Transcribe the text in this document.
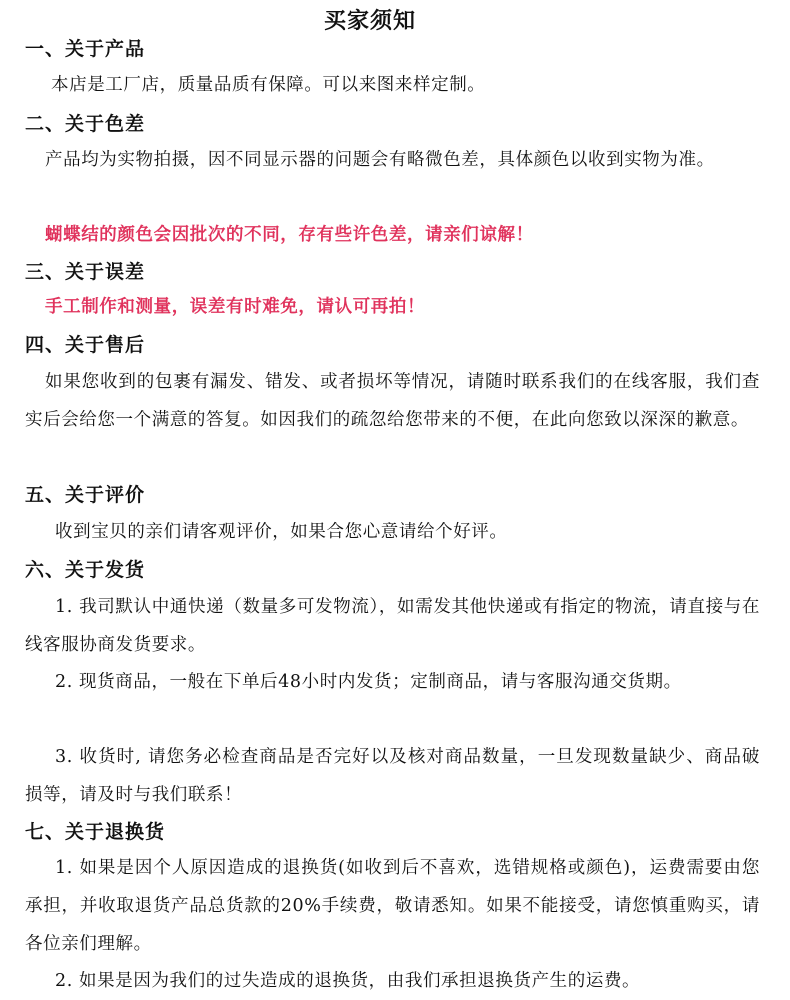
买家须知
一、关于产品
本店是工厂店，质量品质有保障。可以来图来样定制。
二、关于色差
产品均为实物拍摄，因不同显示器的问题会有略微色差，具体颜色以收到实物为准。
蝴蝶结的颜色会因批次的不同，存有些许色差，请亲们谅解！
三、关于误差
手工制作和测量，误差有时难免，请认可再拍！
四、关于售后
如果您收到的包裹有漏发、错发、或者损坏等情况，请随时联系我们的在线客服，我们查实后会给您一个满意的答复。如因我们的疏忽给您带来的不便，在此向您致以深深的歉意。
五、关于评价
收到宝贝的亲们请客观评价，如果合您心意请给个好评。
六、关于发货
1. 我司默认中通快递（数量多可发物流），如需发其他快递或有指定的物流，请直接与在线客服协商发货要求。
2. 现货商品，一般在下单后48小时内发货；定制商品，请与客服沟通交货期。
3. 收货时, 请您务必检查商品是否完好以及核对商品数量，一旦发现数量缺少、商品破损等，请及时与我们联系！
七、关于退换货
1. 如果是因个人原因造成的退换货(如收到后不喜欢，选错规格或颜色)，运费需要由您承担，并收取退货产品总货款的20%手续费，敬请悉知。如果不能接受，请您慎重购买，请各位亲们理解。
2. 如果是因为我们的过失造成的退换货，由我们承担退换货产生的运费。
